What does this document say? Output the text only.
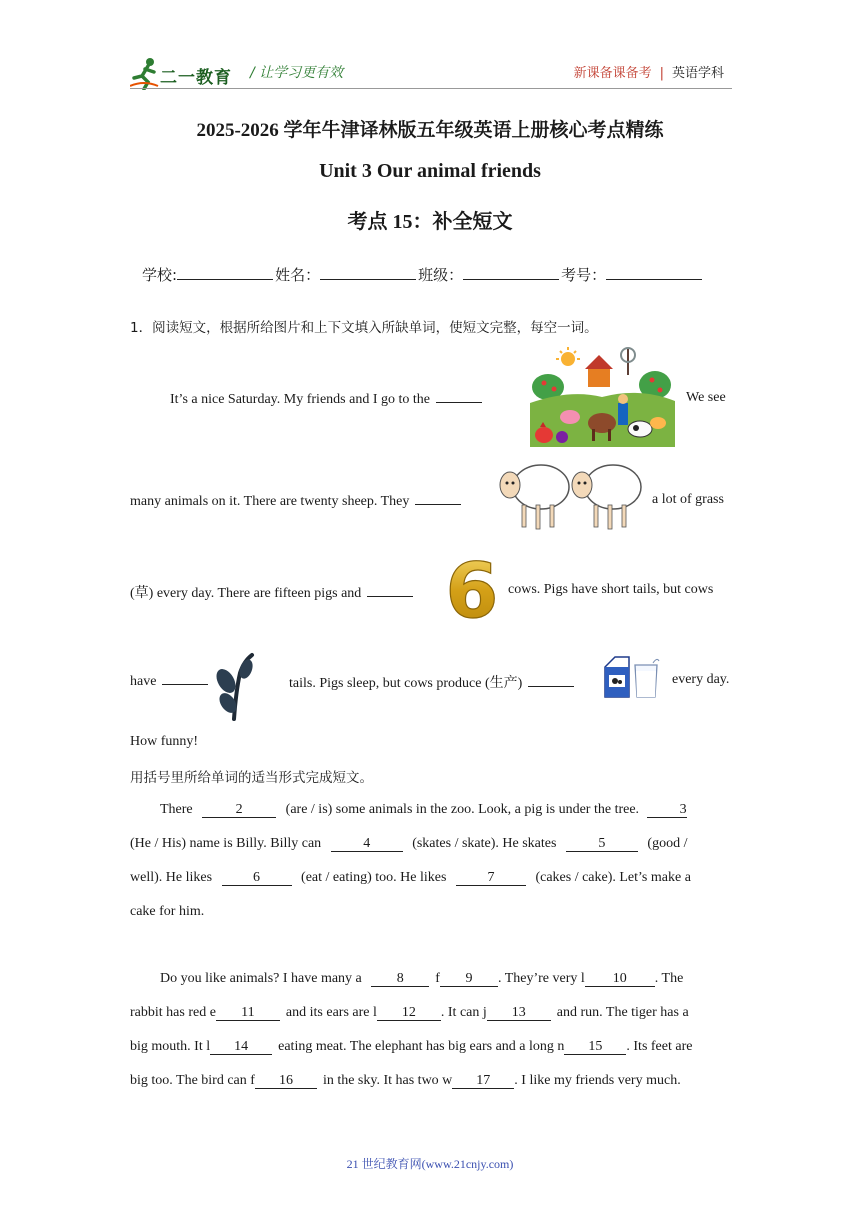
二一教育 / 让学习更有效	新课备课备考 | 英语学科
2025-2026 学年牛津译林版五年级英语上册核心考点精练
Unit 3 Our animal friends
考点 15：补全短文
学校:	姓名：	班级：	考号：
1．阅读短文，根据所给图片和上下文填入所缺单词，使短文完整，每空一词。
It’s a nice Saturday. My friends and I go to the	We see
many animals on it. There are twenty sheep. They	a lot of grass
(草) every day. There are fifteen pigs and	cows. Pigs have short tails, but cows
6
have	tails. Pigs sleep, but cows produce (生产)	every day.
How funny!
用括号里所给单词的适当形式完成短文。
There	2	(are / is) some animals in the zoo. Look, a pig is under the tree.	3
(He / His) name is Billy. Billy can	4	(skates / skate). He skates	5	(good /
well). He likes	6	(eat / eating) too. He likes	7	(cakes / cake). Let’s make a
cake for him.
Do you like animals? I have many a	8 f 9 . They’re very l 10 . The
rabbit has red e 11 and its ears are l 12 . It can j 13 and run. The tiger has a
big mouth. It l 14 eating meat. The elephant has big ears and a long n 15 . Its feet are
big too. The bird can f 16 in the sky. It has two w 17 . I like my friends very much.
21 世纪教育网(www.21cnjy.com)
